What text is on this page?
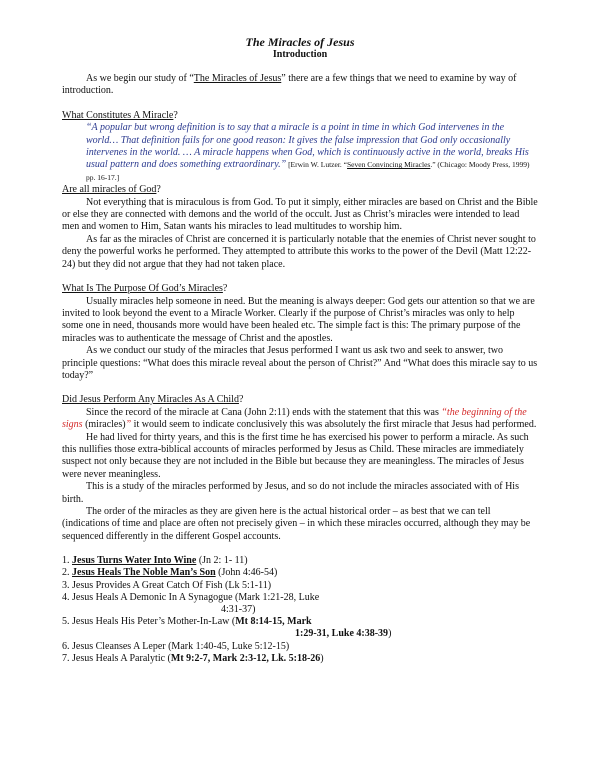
The Miracles of Jesus
Introduction

As we begin our study of “The Miracles of Jesus” there are a few things that we need to examine by way of introduction.

What Constitutes A Miracle?

“A popular but wrong definition is to say that a miracle is a point in time in which God intervenes in the world… That definition fails for one good reason: It gives the false impression that God only occasionally intervenes in the world. … A miracle happens when God, which is continuously active in the world, breaks His usual pattern and does something extraordinary.” [Erwin W. Lutzer. “Seven Convincing Miracles.” (Chicago: Moody Press, 1999) pp. 16-17.]

Are all miracles of God?

Not everything that is miraculous is from God. To put it simply, either miracles are based on Christ and the Bible or else they are connected with demons and the world of the occult. Just as Christ’s miracles were intended to lead men and women to Him, Satan wants his miracles to lead multitudes to worship him.

As far as the miracles of Christ are concerned it is particularly notable that the enemies of Christ never sought to deny the powerful works he performed. They attempted to attribute this works to the power of the Devil (Matt 12:22-24) but they did not argue that they had not taken place.

What Is The Purpose Of God’s Miracles?

Usually miracles help someone in need. But the meaning is always deeper: God gets our attention so that we are invited to look beyond the event to a Miracle Worker. Clearly if the purpose of Christ’s miracles was only to help some one in need, thousands more would have been healed etc. The simple fact is this: The primary purpose of the miracles was to authenticate the message of Christ and the apostles.

As we conduct our study of the miracles that Jesus performed I want us ask two and seek to answer, two principle questions: “What does this miracle reveal about the person of Christ?” And “What does this miracle say to us today?”

Did Jesus Perform Any Miracles As A Child?

Since the record of the miracle at Cana (John 2:11) ends with the statement that this was “the beginning of the signs (miracles)” it would seem to indicate conclusively this was absolutely the first miracle that Jesus had performed.

He had lived for thirty years, and this is the first time he has exercised his power to perform a miracle. As such this nullifies those extra-biblical accounts of miracles performed by Jesus as Child. These miracles are immediately suspect not only because they are not included in the Bible but because they are meaningless. The miracles of Jesus were never meaningless.

This is a study of the miracles performed by Jesus, and so do not include the miracles associated with of His birth.

The order of the miracles as they are given here is the actual historical order – as best that we can tell (indications of time and place are often not precisely given – in which these miracles occurred, although they may be sequenced differently in the different Gospel accounts.

1. Jesus Turns Water Into Wine (Jn 2: 1- 11)
2. Jesus Heals The Noble Man’s Son (John 4:46-54)
3. Jesus Provides A Great Catch Of Fish (Lk 5:1-11)
4. Jesus Heals A Demonic In A Synagogue (Mark 1:21-28, Luke
4:31-37)
5. Jesus Heals His Peter’s Mother-In-Law (Mt 8:14-15, Mark
1:29-31, Luke 4:38-39)
6. Jesus Cleanses A Leper (Mark 1:40-45, Luke 5:12-15)
7. Jesus Heals A Paralytic (Mt 9:2-7, Mark 2:3-12, Lk. 5:18-26)
